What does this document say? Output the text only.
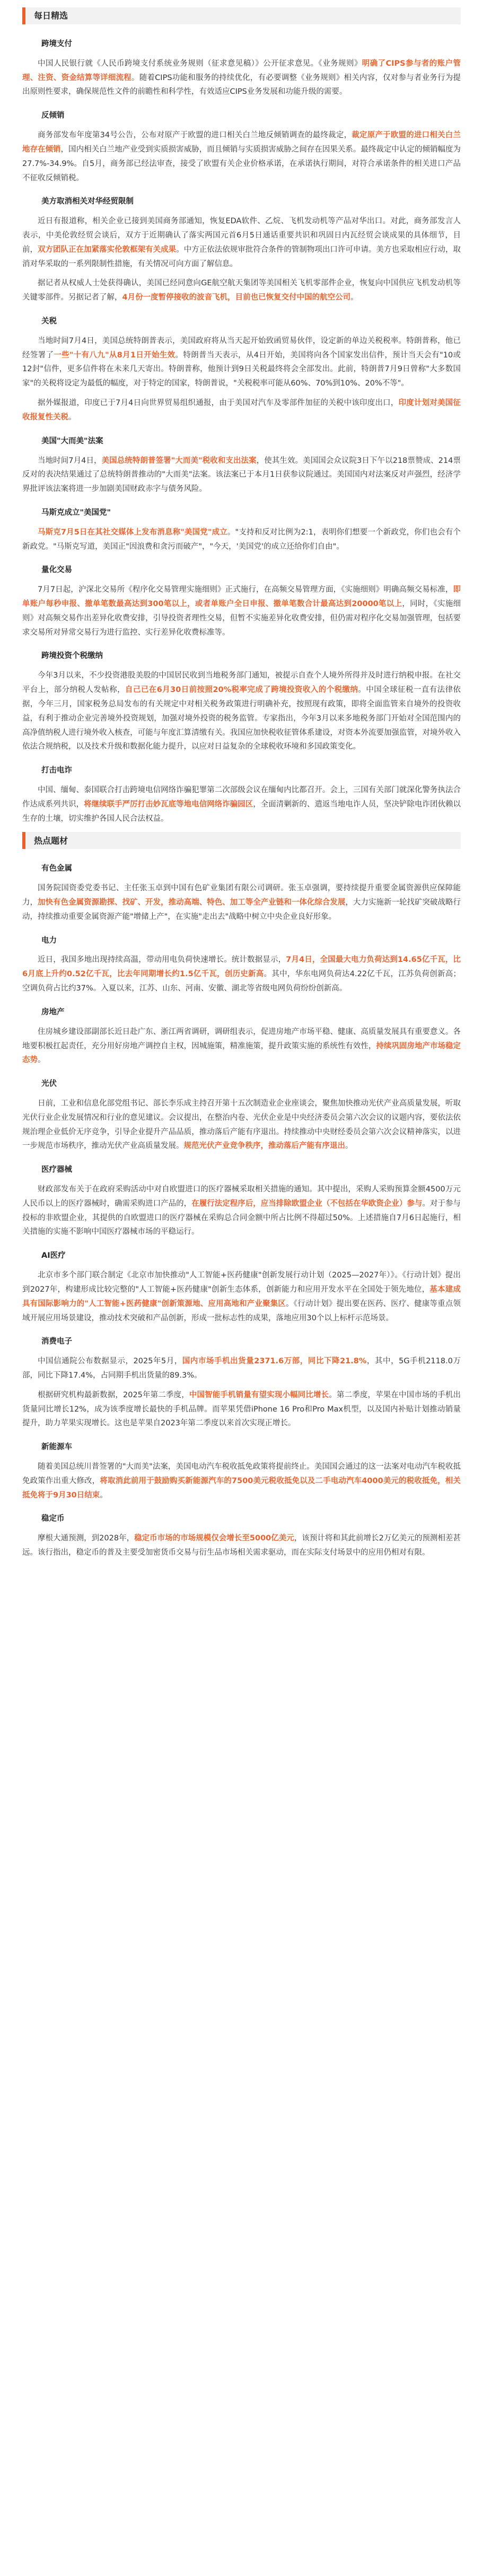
每日精选
跨境支付

中国人民银行就《人民币跨境支付系统业务规则（征求意见稿）》公开征求意见。《业务规则》明确了CIPS参与者的账户管理、注资、资金结算等详细流程。随着CIPS功能和服务的持续优化，有必要调整《业务规则》相关内容，仅对参与者业务行为提出原则性要求，确保规范性文件的前瞻性和科学性，有效适应CIPS业务发展和功能升级的需要。

反倾销

商务部发布年度第34号公告，公布对原产于欧盟的进口相关白兰地反倾销调查的最终裁定，裁定原产于欧盟的进口相关白兰地存在倾销，国内相关白兰地产业受到实质损害威胁，而且倾销与实质损害威胁之间存在因果关系。最终裁定中认定的倾销幅度为27.7%-34.9%。自5月，商务部已经法审查，接受了欧盟有关企业价格承诺，在承诺执行期间，对符合承诺条件的相关进口产品不征收反倾销税。

美方取消相关对华经贸限制

近日有报道称，相关企业已接到美国商务部通知，恢复EDA软件、乙烷、飞机发动机等产品对华出口。对此，商务部发言人表示，中美伦敦经贸会谈后，双方于近期确认了落实两国元首6月5日通话重要共识和巩固日内瓦经贸会谈成果的具体细节，目前，双方团队正在加紧落实伦敦框架有关成果。中方正依法依规审批符合条件的管制物项出口许可申请。美方也采取相应行动，取消对华采取的一系列限制性措施，有关情况可向方面了解信息。

据记者从权威人士处获得确认，美国已经同意向GE航空航天集团等美国相关飞机零部件企业，恢复向中国供应飞机发动机等关键零部件。另据记者了解，4月份一度暂停接收的波音飞机，目前也已恢复交付中国的航空公司。

关税

当地时间7月4日，美国总统特朗普表示，美国政府将从当天起开始致函贸易伙伴，设定新的单边关税税率。特朗普称，他已经签署了一些"十有八九"从8月1日开始生效。特朗普当天表示，从4日开始，美国将向各个国家发出信件，预计当天会有"10或12封"信件，更多信件将在未来几天寄出。特朗普称，他预计到9日关税最终将会全部发出。此前，特朗普7月9日曾称"大多数国家"的关税将设定为最低的幅度，对于特定的国家，特朗普说，"关税税率可能从60%、70%到10%、20%不等"。

据外媒报道，印度已于7月4日向世界贸易组织通报，由于美国对汽车及零部件加征的关税中该印度出口，印度计划对美国征收报复性关税。

美国"大而美"法案

当地时间7月4日，美国总统特朗普签署"大而美"税收和支出法案，使其生效。美国国会众议院3日下午以218票赞成、214票反对的表决结果通过了总统特朗普推动的"大而美"法案。该法案已于本月1日获参议院通过。美国国内对法案反对声强烈，经济学界批评该法案将进一步加剧美国财政赤字与债务风险。

马斯克成立"美国党"

马斯克7月5日在其社交媒体上发布消息称"美国党"成立。"支持和反对比例为2:1，表明你们想要一个新政党，你们也会有个新政党。"马斯克写道，美国正"因浪费和贪污而破产"，"今天，'美国党'的成立还给你们自由"。

量化交易

7月7日起，沪深北交易所《程序化交易管理实施细则》正式施行，在高频交易管理方面，《实施细则》明确高频交易标准，即单账户每秒申报、撤单笔数最高达到300笔以上，或者单账户全日申报、撤单笔数合计最高达到20000笔以上，同时，《实施细则》对高频交易作出差异化收费安排，引导投资者理性交易，但暂不实施差异化收费安排，但仍需对程序化交易加强管理，包括要求交易所对异常交易行为进行监控、实行差异化收费标准等。

跨境投资个税缴纳

今年3月以来，不少投资港股美股的中国居民收到当地税务部门通知，被提示自查个人境外所得并及时进行纳税申报。在社交平台上，部分纳税人发帖称，自己已在6月30日前按照20%税率完成了跨境投资收入的个税缴纳。中国全球征税一直有法律依据，今年三月，国家税务总局发布的有关规定中对相关税务政策进行明确补充，按照现有政策，即将全面监管来自境外的投资收益，有利于推动企业完善境外投资规划，加强对境外投资的税务监管。专家指出，今年3月以来多地税务部门开始对全国范围内的高净值纳税人进行境外收入核查，可能与年度汇算清缴有关。我国应加快税收征管体系建设，对资本外流要加强监管，对境外收入依法合规纳税，以及技术升级和数据化能力提升，以应对日益复杂的全球税收环境和多国政策变化。

打击电诈

中国、缅甸、泰国联合打击跨境电信网络诈骗犯罪第二次部级会议在缅甸内比都召开。会上，三国有关部门就深化警务执法合作达成系列共识，将继续联手严厉打击妙瓦底等地电信网络诈骗园区，全面清剿新的、遣返当地电诈人员，坚决铲除电诈团伙赖以生存的土壤，切实维护各国人民合法权益。

热点题材
有色金属

国务院国资委党委书记、主任张玉卓到中国有色矿业集团有限公司调研。张玉卓强调，要持续提升重要金属资源供应保障能力，加快有色金属资源勘探、找矿、开发，推动高端、特色、加工等全产业链和一体化综合发展，大力实施新一轮找矿突破战略行动，持续推动重要金属资源产能"增储上产"，在实施"走出去"战略中树立中央企业良好形象。

电力

近日，我国多地出现持续高温，带动用电负荷快速增长。统计数据显示，7月4日，全国最大电力负荷达到14.65亿千瓦，比6月底上升约0.52亿千瓦，比去年同期增长约1.5亿千瓦，创历史新高。其中，华东电网负荷达4.22亿千瓦，江苏负荷创新高；空调负荷占比约37%。入夏以来，江苏、山东、河南、安徽、湖北等省级电网负荷纷纷创新高。

房地产

住房城乡建设部副部长近日赴广东、浙江两省调研，调研组表示，促进房地产市场平稳、健康、高质量发展具有重要意义。各地要积极扛起责任，充分用好房地产调控自主权，因城施策，精准施策，提升政策实施的系统性有效性，持续巩固房地产市场稳定态势。

光伏

日前，工业和信息化部党组书记、部长李乐成主持召开第十五次制造业企业座谈会，聚焦加快推动光伏产业高质量发展，听取光伏行业企业发展情况和行业的意见建议。会议提出，在整治内卷、光伏企业是中央经济委员会第六次会议的议题内容，要依法依规治理企业低价无序竞争，引导企业提升产品品质，推动落后产能有序退出。持续推动中央财经委员会第六次会议精神落实，以进一步规范市场秩序，推动光伏产业高质量发展。规范光伏产业竞争秩序，推动落后产能有序退出。

医疗器械

财政部发布关于在政府采购活动中对自欧盟进口的医疗器械采取相关措施的通知。其中提出，采购人采购预算金额4500万元人民币以上的医疗器械时，确需采购进口产品的，在履行法定程序后，应当排除欧盟企业（不包括在华欧资企业）参与。对于参与投标的非欧盟企业，其提供的自欧盟进口的医疗器械在采购总合同金额中所占比例不得超过50%。上述措施自7月6日起施行，相关措施的实施不影响中国医疗器械市场的平稳运行。

AI医疗

北京市多个部门联合制定《北京市加快推动"人工智能+医药健康"创新发展行动计划（2025—2027年）》。《行动计划》提出到2027年，构建形成比较完整的"人工智能+医药健康"创新生态体系，创新能力和应用开发水平在全国处于领先地位，基本建成具有国际影响力的"人工智能+医药健康"创新策源地、应用高地和产业聚集区。《行动计划》提出要在医药、医疗、健康等重点领域开展应用场景建设，推动技术突破和产品创新，形成一批标志性的成果，落地应用30个以上标杆示范场景。

消费电子

中国信通院公布数据显示，2025年5月，国内市场手机出货量2371.6万部，同比下降21.8%，其中，5G手机2118.0万部，同比下降17.4%，占同期手机出货量的89.3%。

根据研究机构最新数据，2025年第二季度，中国智能手机销量有望实现小幅同比增长。第二季度，苹果在中国市场的手机出货量同比增长12%，成为该季度增长最快的手机品牌。而苹果凭借iPhone 16 Pro和Pro Max机型，以及国内补贴计划推动销量提升，助力苹果实现增长。这也是苹果自2023年第二季度以来首次实现正增长。

新能源车

随着美国总统川普签署的"大而美"法案，美国电动汽车税收抵免政策将提前终止。美国国会通过的这一法案对电动汽车税收抵免政策作出重大修改，将取消此前用于鼓励购买新能源汽车的7500美元税收抵免以及二手电动汽车4000美元的税收抵免，相关抵免将于9月30日结束。

稳定币

摩根大通预测，到2028年，稳定币市场的市场规模仅会增长至5000亿美元，该预计将和其此前增长2万亿美元的预测相差甚远。该行指出，稳定币的普及主要受加密货币交易与衍生品市场相关需求驱动，而在实际支付场景中的应用仍相对有限。
